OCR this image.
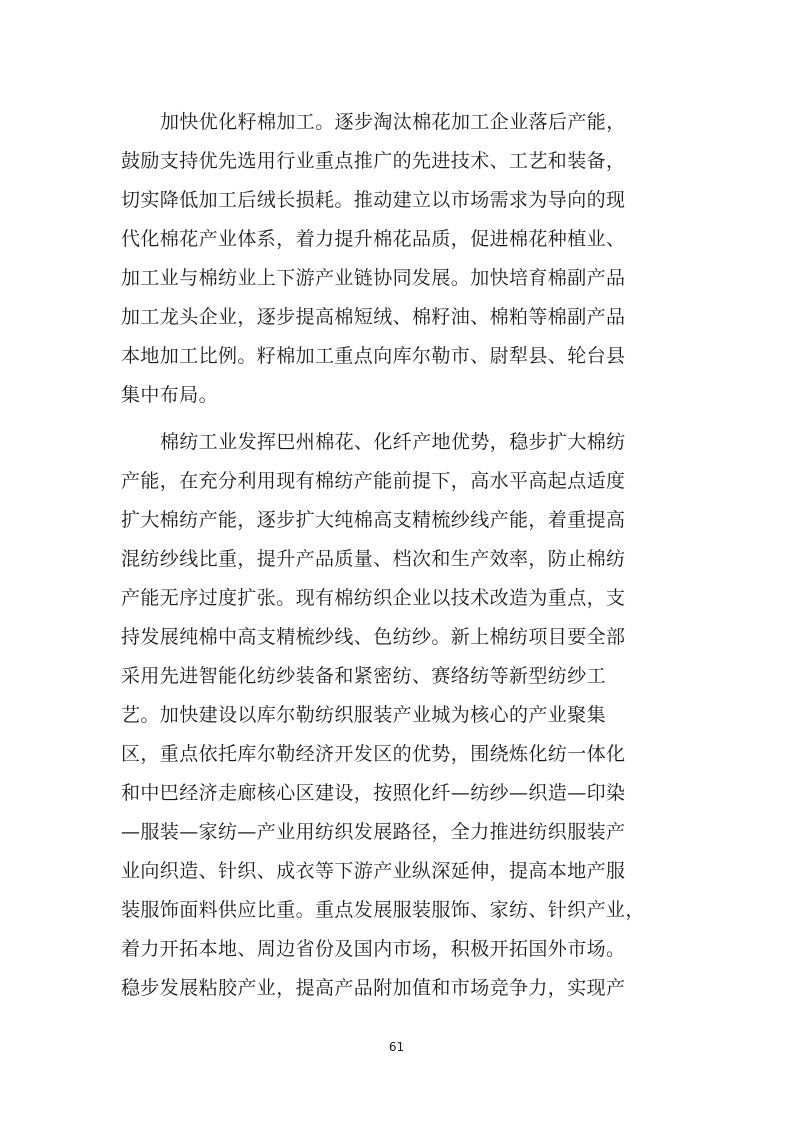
加快优化籽棉加工。逐步淘汰棉花加工企业落后产能，
鼓励支持优先选用行业重点推广的先进技术、工艺和装备，
切实降低加工后绒长损耗。推动建立以市场需求为导向的现
代化棉花产业体系，着力提升棉花品质，促进棉花种植业、
加工业与棉纺业上下游产业链协同发展。加快培育棉副产品
加工龙头企业，逐步提高棉短绒、棉籽油、棉粕等棉副产品
本地加工比例。籽棉加工重点向库尔勒市、尉犁县、轮台县
集中布局。
棉纺工业发挥巴州棉花、化纤产地优势，稳步扩大棉纺
产能，在充分利用现有棉纺产能前提下，高水平高起点适度
扩大棉纺产能，逐步扩大纯棉高支精梳纱线产能，着重提高
混纺纱线比重，提升产品质量、档次和生产效率，防止棉纺
产能无序过度扩张。现有棉纺织企业以技术改造为重点，支
持发展纯棉中高支精梳纱线、色纺纱。新上棉纺项目要全部
采用先进智能化纺纱装备和紧密纺、赛络纺等新型纺纱工
艺。加快建设以库尔勒纺织服装产业城为核心的产业聚集
区，重点依托库尔勒经济开发区的优势，围绕炼化纺一体化
和中巴经济走廊核心区建设，按照化纤—纺纱—织造—印染
—服装—家纺—产业用纺织发展路径，全力推进纺织服装产
业向织造、针织、成衣等下游产业纵深延伸，提高本地产服
装服饰面料供应比重。重点发展服装服饰、家纺、针织产业，
着力开拓本地、周边省份及国内市场，积极开拓国外市场。
稳步发展粘胶产业，提高产品附加值和市场竞争力，实现产
61
